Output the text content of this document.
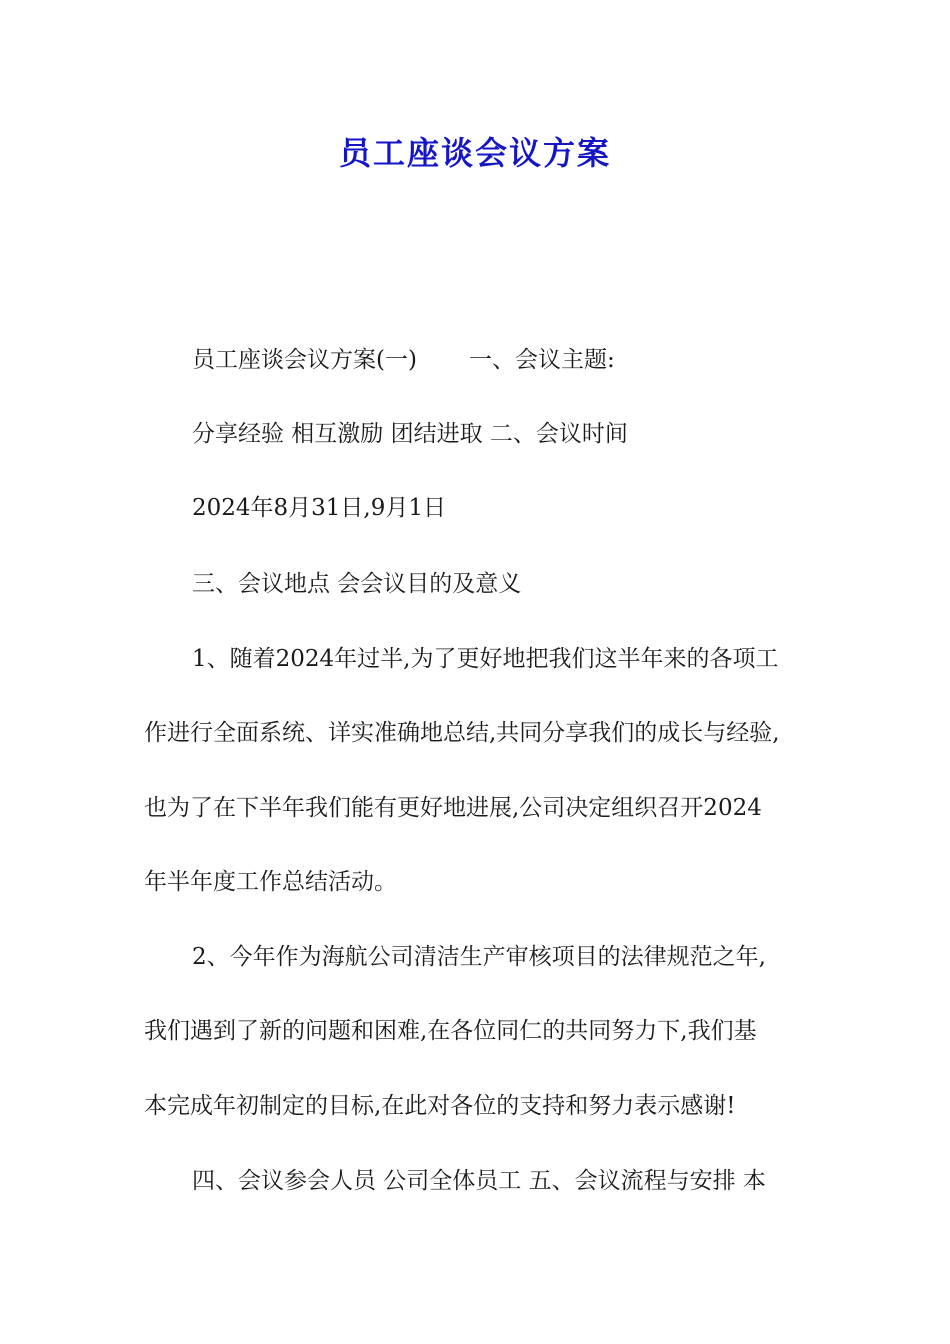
员工座谈会议方案

员工座谈会议方案(一) 一、会议主题:

分享经验 相互激励 团结进取 二、会议时间

2024年8月31日,9月1日

三、会议地点 会会议目的及意义

1、随着2024年过半,为了更好地把我们这半年来的各项工

作进行全面系统、详实准确地总结,共同分享我们的成长与经验,

也为了在下半年我们能有更好地进展,公司决定组织召开2024

年半年度工作总结活动。

2、今年作为海航公司清洁生产审核项目的法律规范之年,

我们遇到了新的问题和困难,在各位同仁的共同努力下,我们基

本完成年初制定的目标,在此对各位的支持和努力表示感谢!

四、会议参会人员 公司全体员工 五、会议流程与安排 本
